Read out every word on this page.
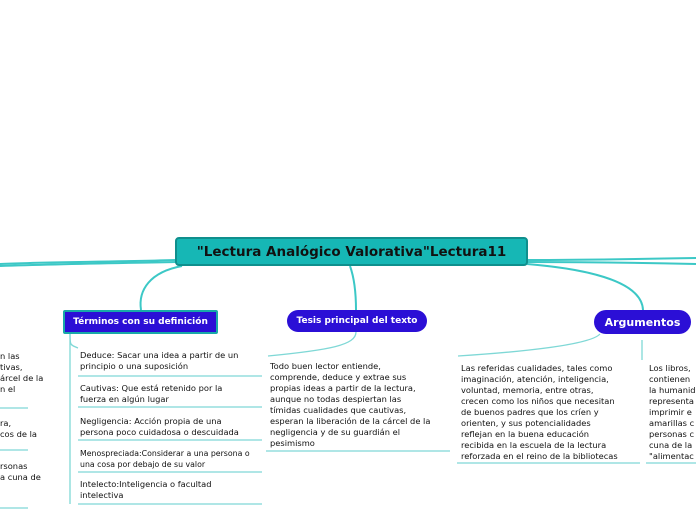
"Lectura Analógico Valorativa"Lectura11
Términos con su definición	Tesis principal del texto	Argumentos
Deduce: Sacar una idea a partir de un
principio o una suposición
Cautivas: Que está retenido por la
fuerza en algún lugar
Negligencia: Acción propia de una
persona poco cuidadosa o descuidada
Menospreciada:Considerar a una persona o
una cosa por debajo de su valor
Intelecto:Inteligencia o facultad
intelectiva
Todo buen lector entiende,
comprende, deduce y extrae sus
propias ideas a partir de la lectura,
aunque no todas despiertan las
tímidas cualidades que cautivas,
esperan la liberación de la cárcel de la
negligencia y de su guardián el
pesimismo
Las referidas cualidades, tales como
imaginación, atención, inteligencia,
voluntad, memoria, entre otras,
crecen como los niños que necesitan
de buenos padres que los críen y
orienten, y sus potencialidades
reflejan en la buena educación
recibida en la escuela de la lectura
reforzada en el reino de la bibliotecas
Los libros,
contienen
la humanid
representa
imprimir e
amarillas c
personas c
cuna de la
"alimentac
n las
tivas,
árcel de la
n el
ra,
cos de la
rsonas
a cuna de
